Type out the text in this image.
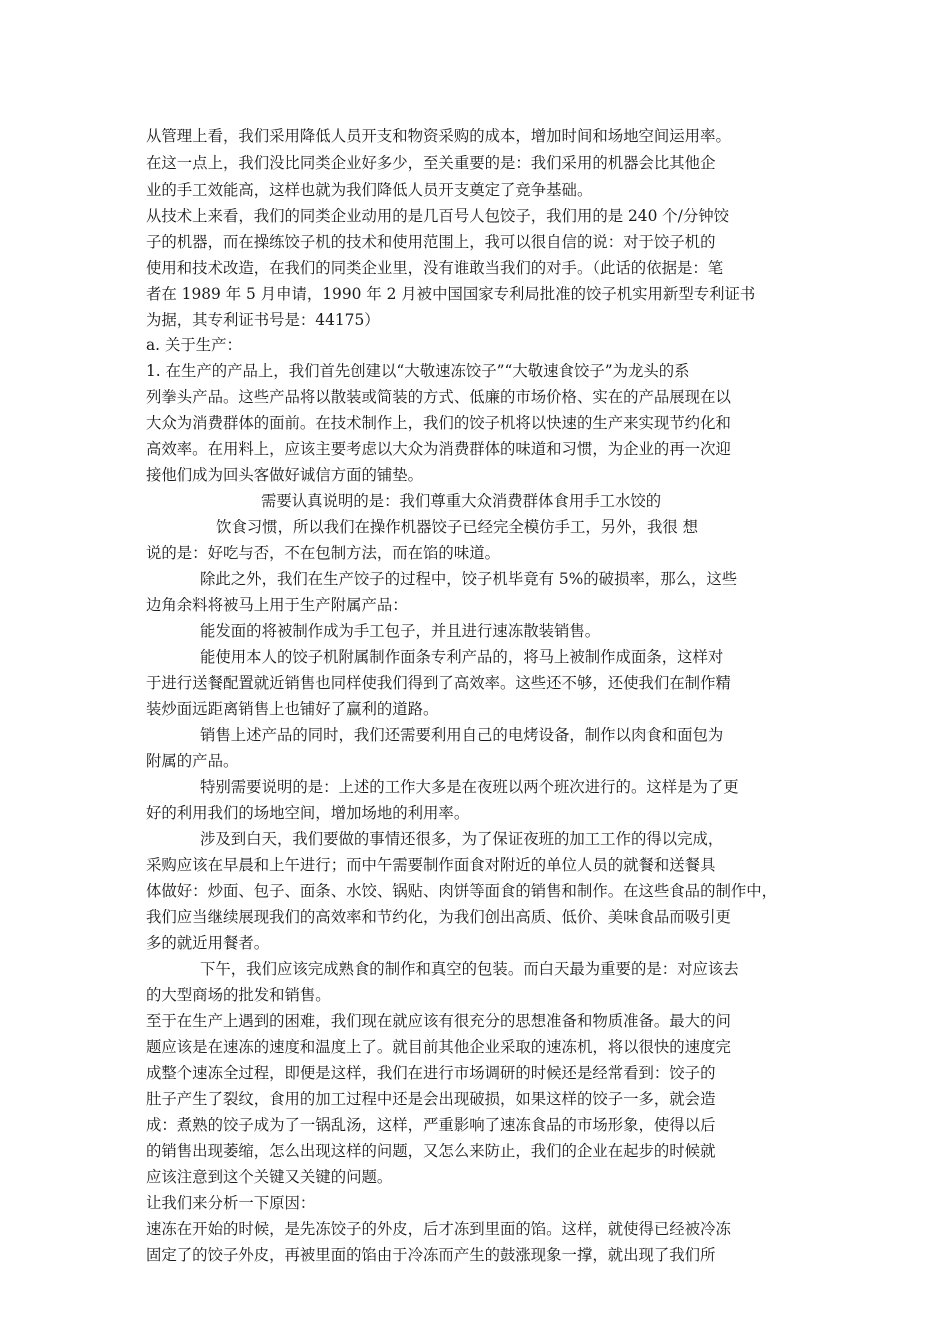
从管理上看，我们采用降低人员开支和物资采购的成本，增加时间和场地空间运用率。
在这一点上，我们没比同类企业好多少，至关重要的是：我们采用的机器会比其他企
业的手工效能高，这样也就为我们降低人员开支奠定了竞争基础。
从技术上来看，我们的同类企业动用的是几百号人包饺子，我们用的是 240 个/分钟饺
子的机器，而在操练饺子机的技术和使用范围上，我可以很自信的说：对于饺子机的
使用和技术改造，在我们的同类企业里，没有谁敢当我们的对手。（此话的依据是：笔
者在 1989 年 5 月申请，1990 年 2 月被中国国家专利局批准的饺子机实用新型专利证书
为据，其专利证书号是：44175）
a. 关于生产：
1. 在生产的产品上，我们首先创建以“大敬速冻饺子”“大敬速食饺子”为龙头的系
列拳头产品。这些产品将以散装或简装的方式、低廉的市场价格、实在的产品展现在以
大众为消费群体的面前。在技术制作上，我们的饺子机将以快速的生产来实现节约化和
高效率。在用料上，应该主要考虑以大众为消费群体的味道和习惯，为企业的再一次迎
接他们成为回头客做好诚信方面的铺垫。
需要认真说明的是：我们尊重大众消费群体食用手工水饺的
饮食习惯，所以我们在操作机器饺子已经完全模仿手工，另外，我很 想
说的是：好吃与否，不在包制方法，而在馅的味道。
除此之外，我们在生产饺子的过程中，饺子机毕竟有 5%的破损率，那么，这些
边角余料将被马上用于生产附属产品：
能发面的将被制作成为手工包子，并且进行速冻散装销售。
能使用本人的饺子机附属制作面条专利产品的，将马上被制作成面条，这样对
于进行送餐配置就近销售也同样使我们得到了高效率。这些还不够，还使我们在制作精
装炒面远距离销售上也铺好了赢利的道路。
销售上述产品的同时，我们还需要利用自己的电烤设备，制作以肉食和面包为
附属的产品。
特别需要说明的是：上述的工作大多是在夜班以两个班次进行的。这样是为了更
好的利用我们的场地空间，增加场地的利用率。
涉及到白天，我们要做的事情还很多，为了保证夜班的加工工作的得以完成，
采购应该在早晨和上午进行；而中午需要制作面食对附近的单位人员的就餐和送餐具
体做好：炒面、包子、面条、水饺、锅贴、肉饼等面食的销售和制作。在这些食品的制作中，
我们应当继续展现我们的高效率和节约化，为我们创出高质、低价、美味食品而吸引更
多的就近用餐者。
下午，我们应该完成熟食的制作和真空的包装。而白天最为重要的是：对应该去
的大型商场的批发和销售。
至于在生产上遇到的困难，我们现在就应该有很充分的思想准备和物质准备。最大的问
题应该是在速冻的速度和温度上了。就目前其他企业采取的速冻机，将以很快的速度完
成整个速冻全过程，即便是这样，我们在进行市场调研的时候还是经常看到：饺子的
肚子产生了裂纹，食用的加工过程中还是会出现破损，如果这样的饺子一多，就会造
成：煮熟的饺子成为了一锅乱汤，这样，严重影响了速冻食品的市场形象，使得以后
的销售出现萎缩，怎么出现这样的问题，又怎么来防止，我们的企业在起步的时候就
应该注意到这个关键又关键的问题。
让我们来分析一下原因：
速冻在开始的时候，是先冻饺子的外皮，后才冻到里面的馅。这样，就使得已经被冷冻
固定了的饺子外皮，再被里面的馅由于冷冻而产生的鼓涨现象一撑，就出现了我们所
